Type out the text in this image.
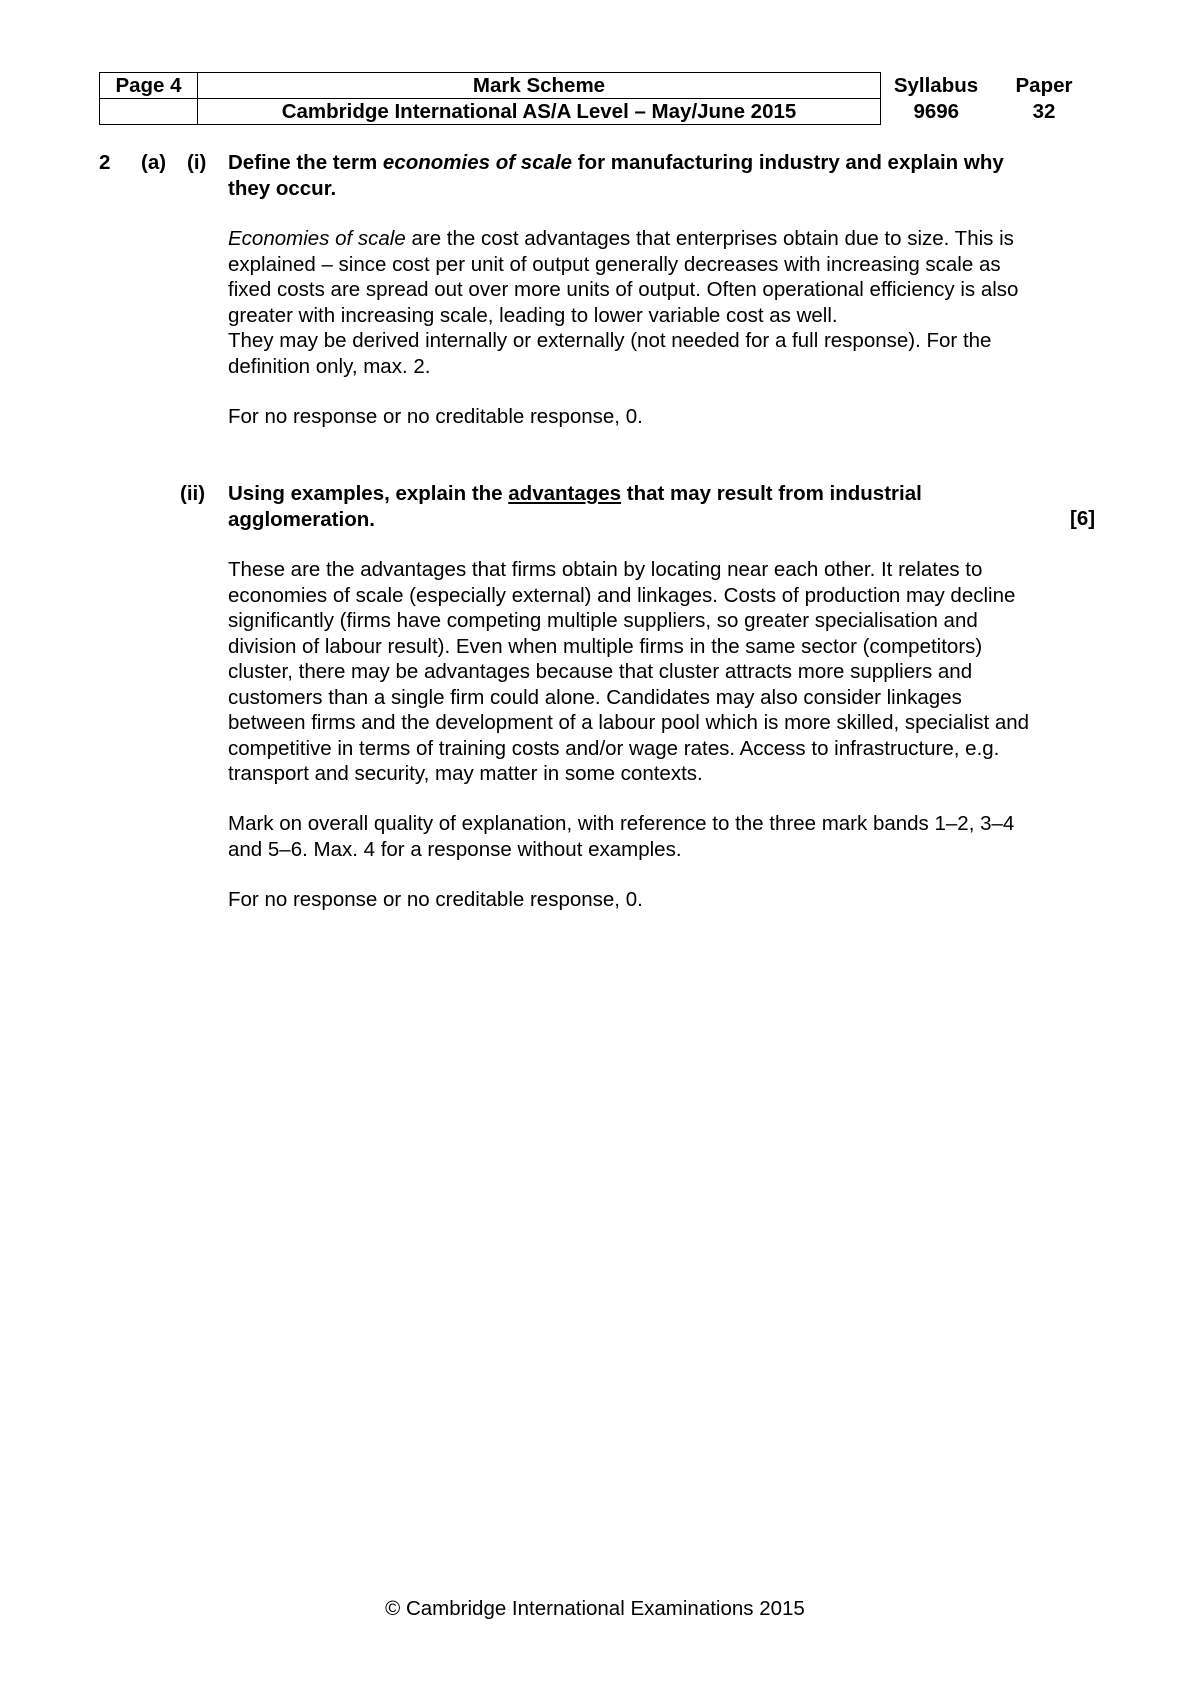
Page 4	Mark Scheme	Syllabus	Paper
	Cambridge International AS/A Level – May/June 2015	9696	32
2 (a) (i) Define the term economies of scale for manufacturing industry and explain why
they occur.
Economies of scale are the cost advantages that enterprises obtain due to size. This is
explained – since cost per unit of output generally decreases with increasing scale as
fixed costs are spread out over more units of output. Often operational efficiency is also
greater with increasing scale, leading to lower variable cost as well.
They may be derived internally or externally (not needed for a full response). For the
definition only, max. 2.
For no response or no creditable response, 0.
(ii) Using examples, explain the advantages that may result from industrial
agglomeration.	[6]
These are the advantages that firms obtain by locating near each other. It relates to
economies of scale (especially external) and linkages. Costs of production may decline
significantly (firms have competing multiple suppliers, so greater specialisation and
division of labour result). Even when multiple firms in the same sector (competitors)
cluster, there may be advantages because that cluster attracts more suppliers and
customers than a single firm could alone. Candidates may also consider linkages
between firms and the development of a labour pool which is more skilled, specialist and
competitive in terms of training costs and/or wage rates. Access to infrastructure, e.g.
transport and security, may matter in some contexts.
Mark on overall quality of explanation, with reference to the three mark bands 1–2, 3–4
and 5–6. Max. 4 for a response without examples.
For no response or no creditable response, 0.
© Cambridge International Examinations 2015
